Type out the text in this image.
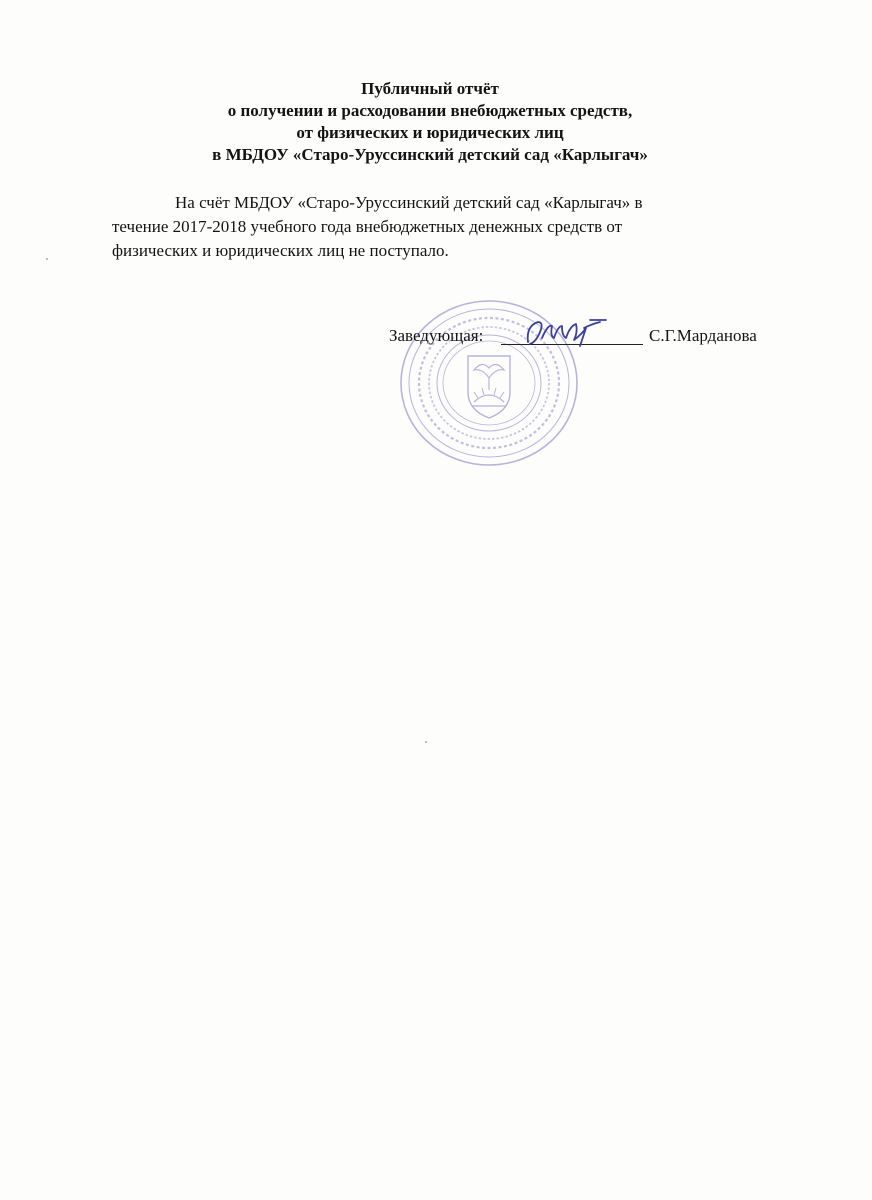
Публичный отчёт
о получении и расходовании внебюджетных средств,
от физических и юридических лиц
в МБДОУ «Старо-Уруссинский детский сад «Карлыгач»
На счёт МБДОУ «Старо-Уруссинский детский сад «Карлыгач» в
течение 2017-2018 учебного года внебюджетных денежных средств от
физических и юридических лиц не поступало.
Заведующая:	С.Г.Марданова
